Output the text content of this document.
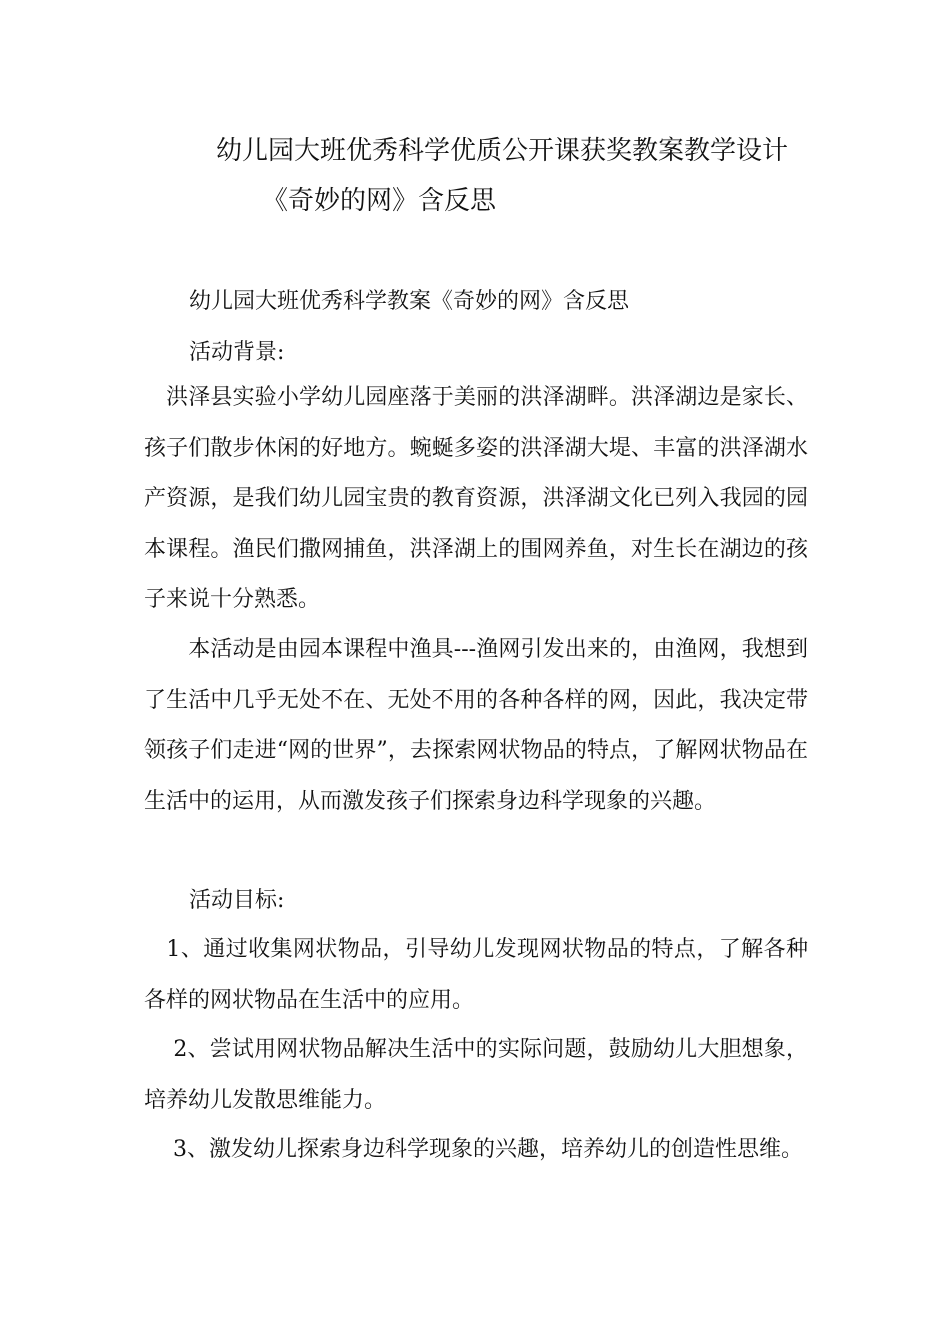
幼儿园大班优秀科学优质公开课获奖教案教学设计
《奇妙的网》含反思

幼儿园大班优秀科学教案《奇妙的网》含反思

活动背景:

　洪泽县实验小学幼儿园座落于美丽的洪泽湖畔。洪泽湖边是家长、孩子们散步休闲的好地方。蜿蜒多姿的洪泽湖大堤、丰富的洪泽湖水产资源，是我们幼儿园宝贵的教育资源，洪泽湖文化已列入我园的园本课程。渔民们撒网捕鱼，洪泽湖上的围网养鱼，对生长在湖边的孩子来说十分熟悉。

　　本活动是由园本课程中渔具---渔网引发出来的，由渔网，我想到了生活中几乎无处不在、无处不用的各种各样的网，因此，我决定带领孩子们走进“网的世界”，去探索网状物品的特点，了解网状物品在生活中的运用，从而激发孩子们探索身边科学现象的兴趣。

活动目标:

　1、通过收集网状物品，引导幼儿发现网状物品的特点，了解各种各样的网状物品在生活中的应用。

　 2、尝试用网状物品解决生活中的实际问题，鼓励幼儿大胆想象，培养幼儿发散思维能力。

　 3、激发幼儿探索身边科学现象的兴趣，培养幼儿的创造性思维。
